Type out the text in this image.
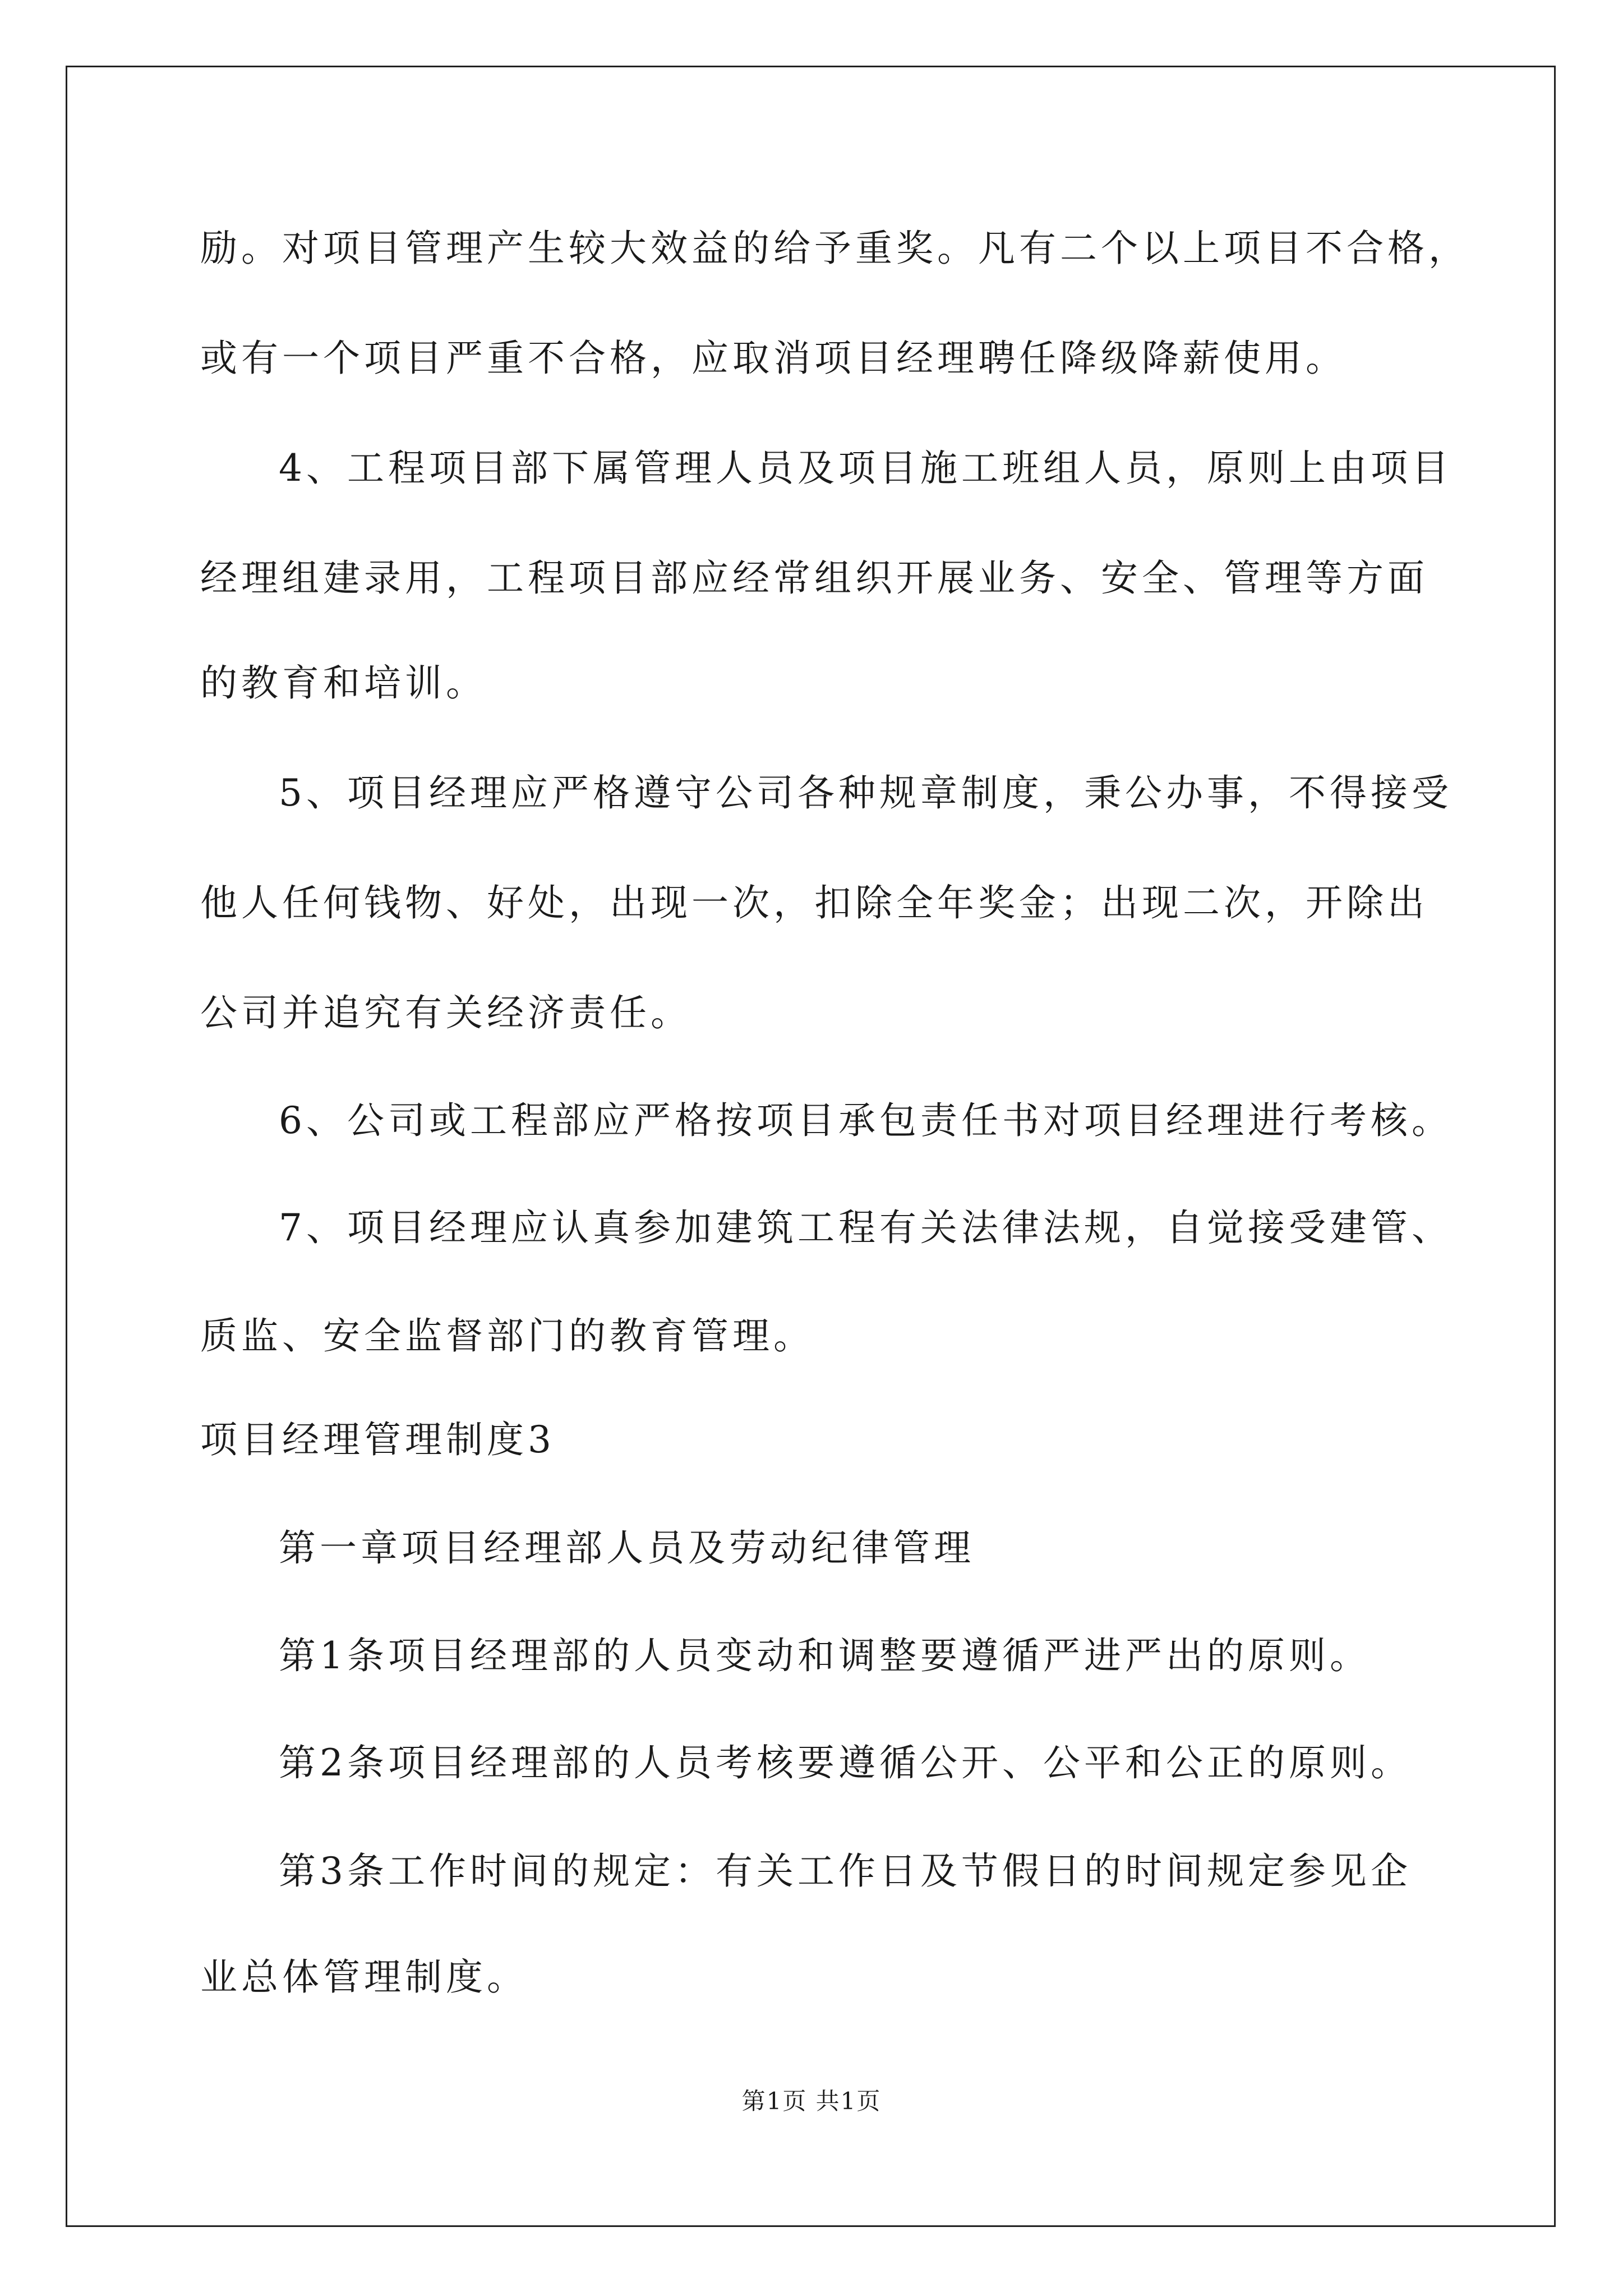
励。对项目管理产生较大效益的给予重奖。凡有二个以上项目不合格，
或有一个项目严重不合格，应取消项目经理聘任降级降薪使用。
4、工程项目部下属管理人员及项目施工班组人员，原则上由项目
经理组建录用，工程项目部应经常组织开展业务、安全、管理等方面
的教育和培训。
5、项目经理应严格遵守公司各种规章制度，秉公办事，不得接受
他人任何钱物、好处，出现一次，扣除全年奖金；出现二次，开除出
公司并追究有关经济责任。
6、公司或工程部应严格按项目承包责任书对项目经理进行考核。
7、项目经理应认真参加建筑工程有关法律法规，自觉接受建管、
质监、安全监督部门的教育管理。
项目经理管理制度3
第一章项目经理部人员及劳动纪律管理
第1条项目经理部的人员变动和调整要遵循严进严出的原则。
第2条项目经理部的人员考核要遵循公开、公平和公正的原则。
第3条工作时间的规定：有关工作日及节假日的时间规定参见企
业总体管理制度。
第1页 共1页
